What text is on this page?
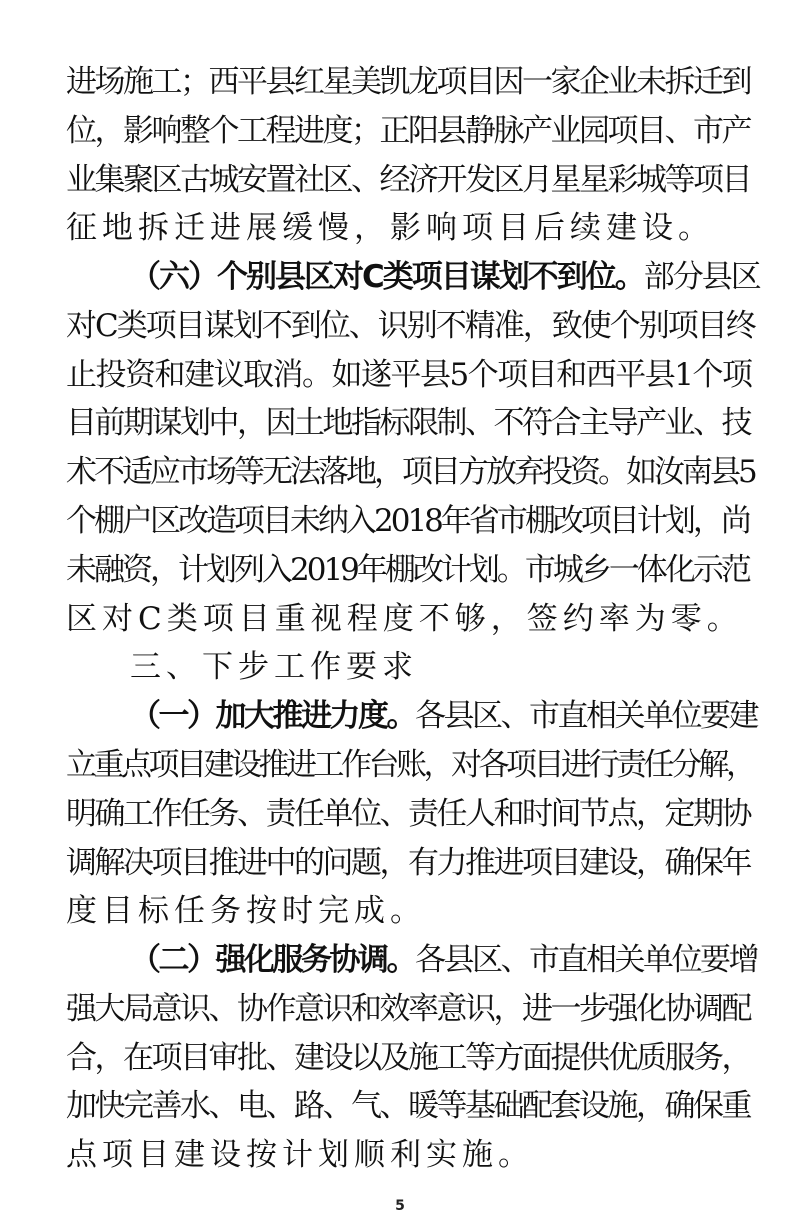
进场施工；西平县红星美凯龙项目因一家企业未拆迁到
位，影响整个工程进度；正阳县静脉产业园项目、市产
业集聚区古城安置社区、经济开发区月星星彩城等项目
征地拆迁进展缓慢，影响项目后续建设。
（六）个别县区对C类项目谋划不到位。部分县区
对C类项目谋划不到位、识别不精准，致使个别项目终
止投资和建议取消。如遂平县5个项目和西平县1个项
目前期谋划中，因土地指标限制、不符合主导产业、技
术不适应市场等无法落地，项目方放弃投资。如汝南县5
个棚户区改造项目未纳入2018年省市棚改项目计划，尚
未融资，计划列入2019年棚改计划。市城乡一体化示范
区对C类项目重视程度不够，签约率为零。
三、下步工作要求
（一）加大推进力度。各县区、市直相关单位要建
立重点项目建设推进工作台账，对各项目进行责任分解，
明确工作任务、责任单位、责任人和时间节点，定期协
调解决项目推进中的问题，有力推进项目建设，确保年
度目标任务按时完成。
（二）强化服务协调。各县区、市直相关单位要增
强大局意识、协作意识和效率意识，进一步强化协调配
合，在项目审批、建设以及施工等方面提供优质服务，
加快完善水、电、路、气、暖等基础配套设施，确保重
点项目建设按计划顺利实施。
5
